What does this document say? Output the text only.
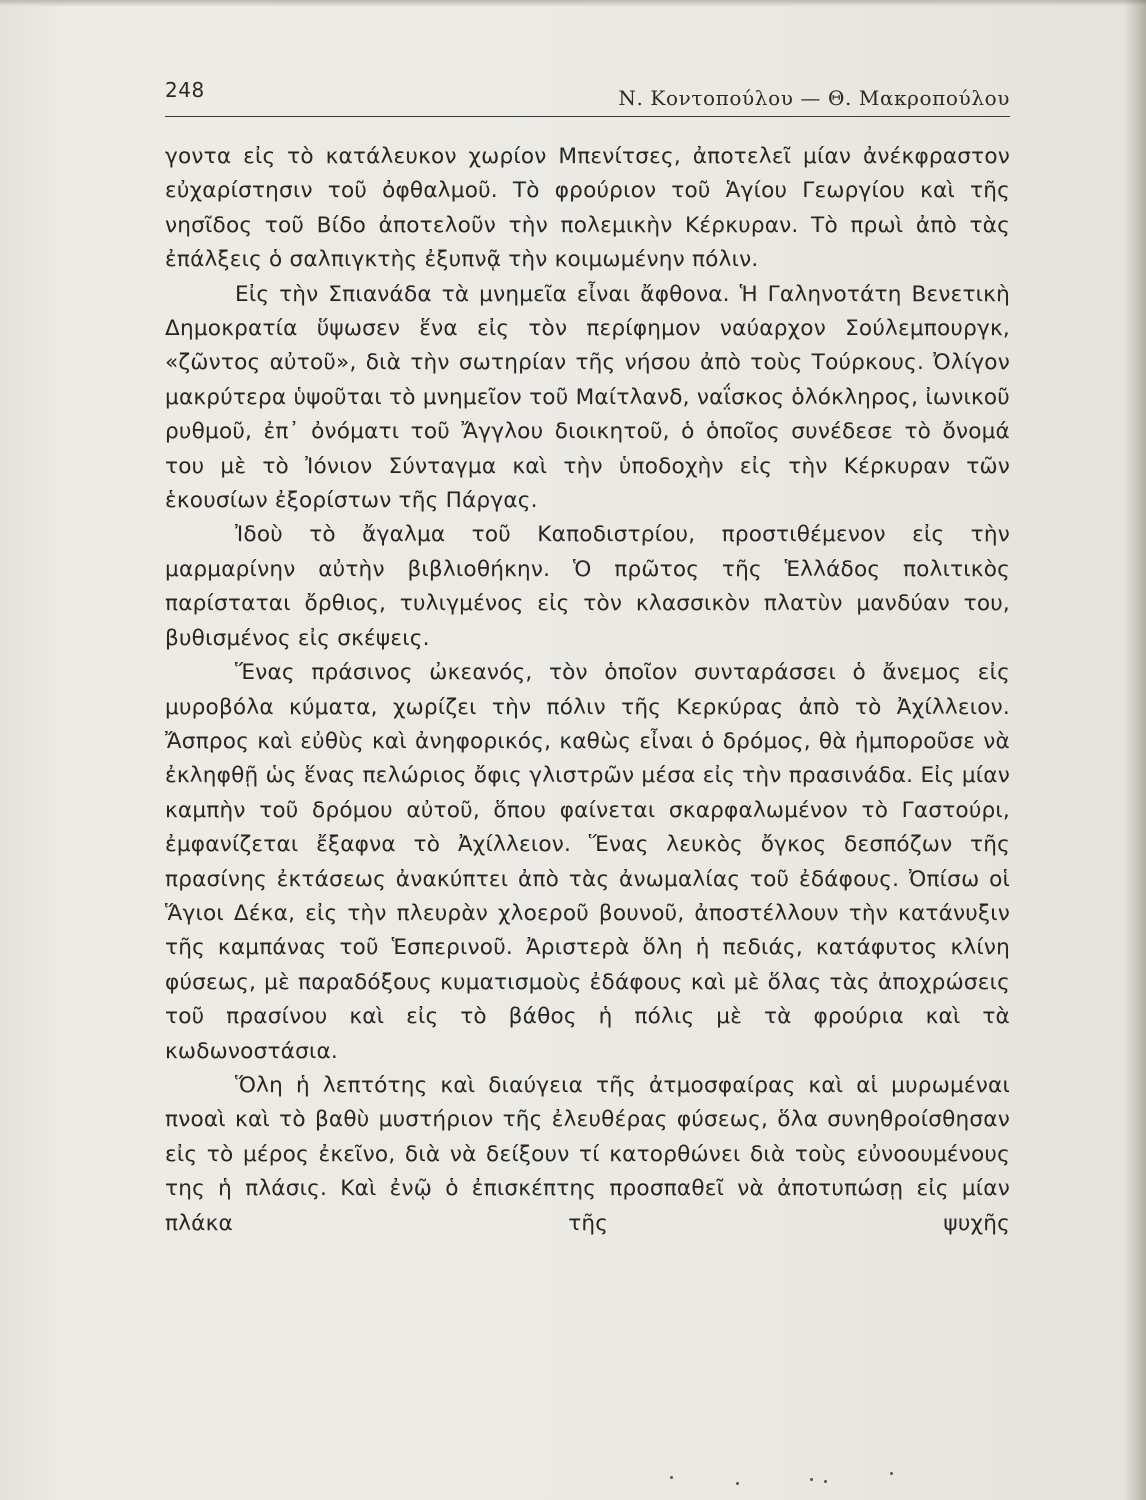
248	Ν. Κοντοπούλου — Θ. Μακροπούλου

γοντα εἰς τὸ κατάλευκον χωρίον Μπενίτσες, ἀποτελεῖ μίαν ἀνέκφραστον εὐχαρίστησιν τοῦ ὀφθαλμοῦ. Τὸ φρούριον τοῦ Ἁγίου Γεωργίου καὶ τῆς νησῖδος τοῦ Βίδο ἀποτελοῦν τὴν πολεμικὴν Κέρκυραν. Τὸ πρωὶ ἀπὸ τὰς ἐπάλξεις ὁ σαλπιγκτὴς ἐξυπνᾷ τὴν κοιμωμένην πόλιν.

Εἰς τὴν Σπιανάδα τὰ μνημεῖα εἶναι ἄφθονα. Ἡ Γαληνοτάτη Βενετικὴ Δημοκρατία ὕψωσεν ἕνα εἰς τὸν περίφημον ναύαρχον Σούλεμπουργκ, «ζῶντος αὐτοῦ», διὰ τὴν σωτηρίαν τῆς νήσου ἀπὸ τοὺς Τούρκους. Ὀλίγον μακρύτερα ὑψοῦται τὸ μνημεῖον τοῦ Μαίτλανδ, ναΐσκος ὁλόκληρος, ἰωνικοῦ ρυθμοῦ, ἐπ᾿ ὀνόματι τοῦ Ἄγγλου διοικητοῦ, ὁ ὁποῖος συνέδεσε τὸ ὄνομά του μὲ τὸ Ἰόνιον Σύνταγμα καὶ τὴν ὑποδοχὴν εἰς τὴν Κέρκυραν τῶν ἑκουσίων ἐξορίστων τῆς Πάργας.

Ἰδοὺ τὸ ἄγαλμα τοῦ Καποδιστρίου, προστιθέμενον εἰς τὴν μαρμαρίνην αὐτὴν βιβλιοθήκην. Ὁ πρῶτος τῆς Ἑλλάδος πολιτικὸς παρίσταται ὄρθιος, τυλιγμένος εἰς τὸν κλασσικὸν πλατὺν μανδύαν του, βυθισμένος εἰς σκέψεις.

Ἕνας πράσινος ὠκεανός, τὸν ὁποῖον συνταράσσει ὁ ἄνεμος εἰς μυροβόλα κύματα, χωρίζει τὴν πόλιν τῆς Κερκύρας ἀπὸ τὸ Ἀχίλλειον. Ἄσπρος καὶ εὐθὺς καὶ ἀνηφορικός, καθὼς εἶναι ὁ δρόμος, θὰ ἠμποροῦσε νὰ ἐκληφθῇ ὡς ἕνας πελώριος ὄφις γλιστρῶν μέσα εἰς τὴν πρασινάδα. Εἰς μίαν καμπὴν τοῦ δρόμου αὐτοῦ, ὅπου φαίνεται σκαρφαλωμένον τὸ Γαστούρι, ἐμφανίζεται ἔξαφνα τὸ Ἀχίλλειον. Ἕνας λευκὸς ὄγκος δεσπόζων τῆς πρασίνης ἐκτάσεως ἀνακύπτει ἀπὸ τὰς ἀνωμαλίας τοῦ ἐδάφους. Ὀπίσω οἱ Ἅγιοι Δέκα, εἰς τὴν πλευρὰν χλοεροῦ βουνοῦ, ἀποστέλλουν τὴν κατάνυξιν τῆς καμπάνας τοῦ Ἑσπερινοῦ. Ἀριστερὰ ὅλη ἡ πεδιάς, κατάφυτος κλίνη φύσεως, μὲ παραδόξους κυματισμοὺς ἐδάφους καὶ μὲ ὅλας τὰς ἀποχρώσεις τοῦ πρασίνου καὶ εἰς τὸ βάθος ἡ πόλις μὲ τὰ φρούρια καὶ τὰ κωδωνοστάσια.

Ὅλη ἡ λεπτότης καὶ διαύγεια τῆς ἀτμοσφαίρας καὶ αἱ μυρωμέναι πνοαὶ καὶ τὸ βαθὺ μυστήριον τῆς ἐλευθέρας φύσεως, ὅλα συνηθροίσθησαν εἰς τὸ μέρος ἐκεῖνο, διὰ νὰ δείξουν τί κατορθώνει διὰ τοὺς εὐνοουμένους της ἡ πλάσις. Καὶ ἐνῷ ὁ ἐπισκέπτης προσπαθεῖ νὰ ἀποτυπώσῃ εἰς μίαν πλάκα τῆς ψυχῆς
